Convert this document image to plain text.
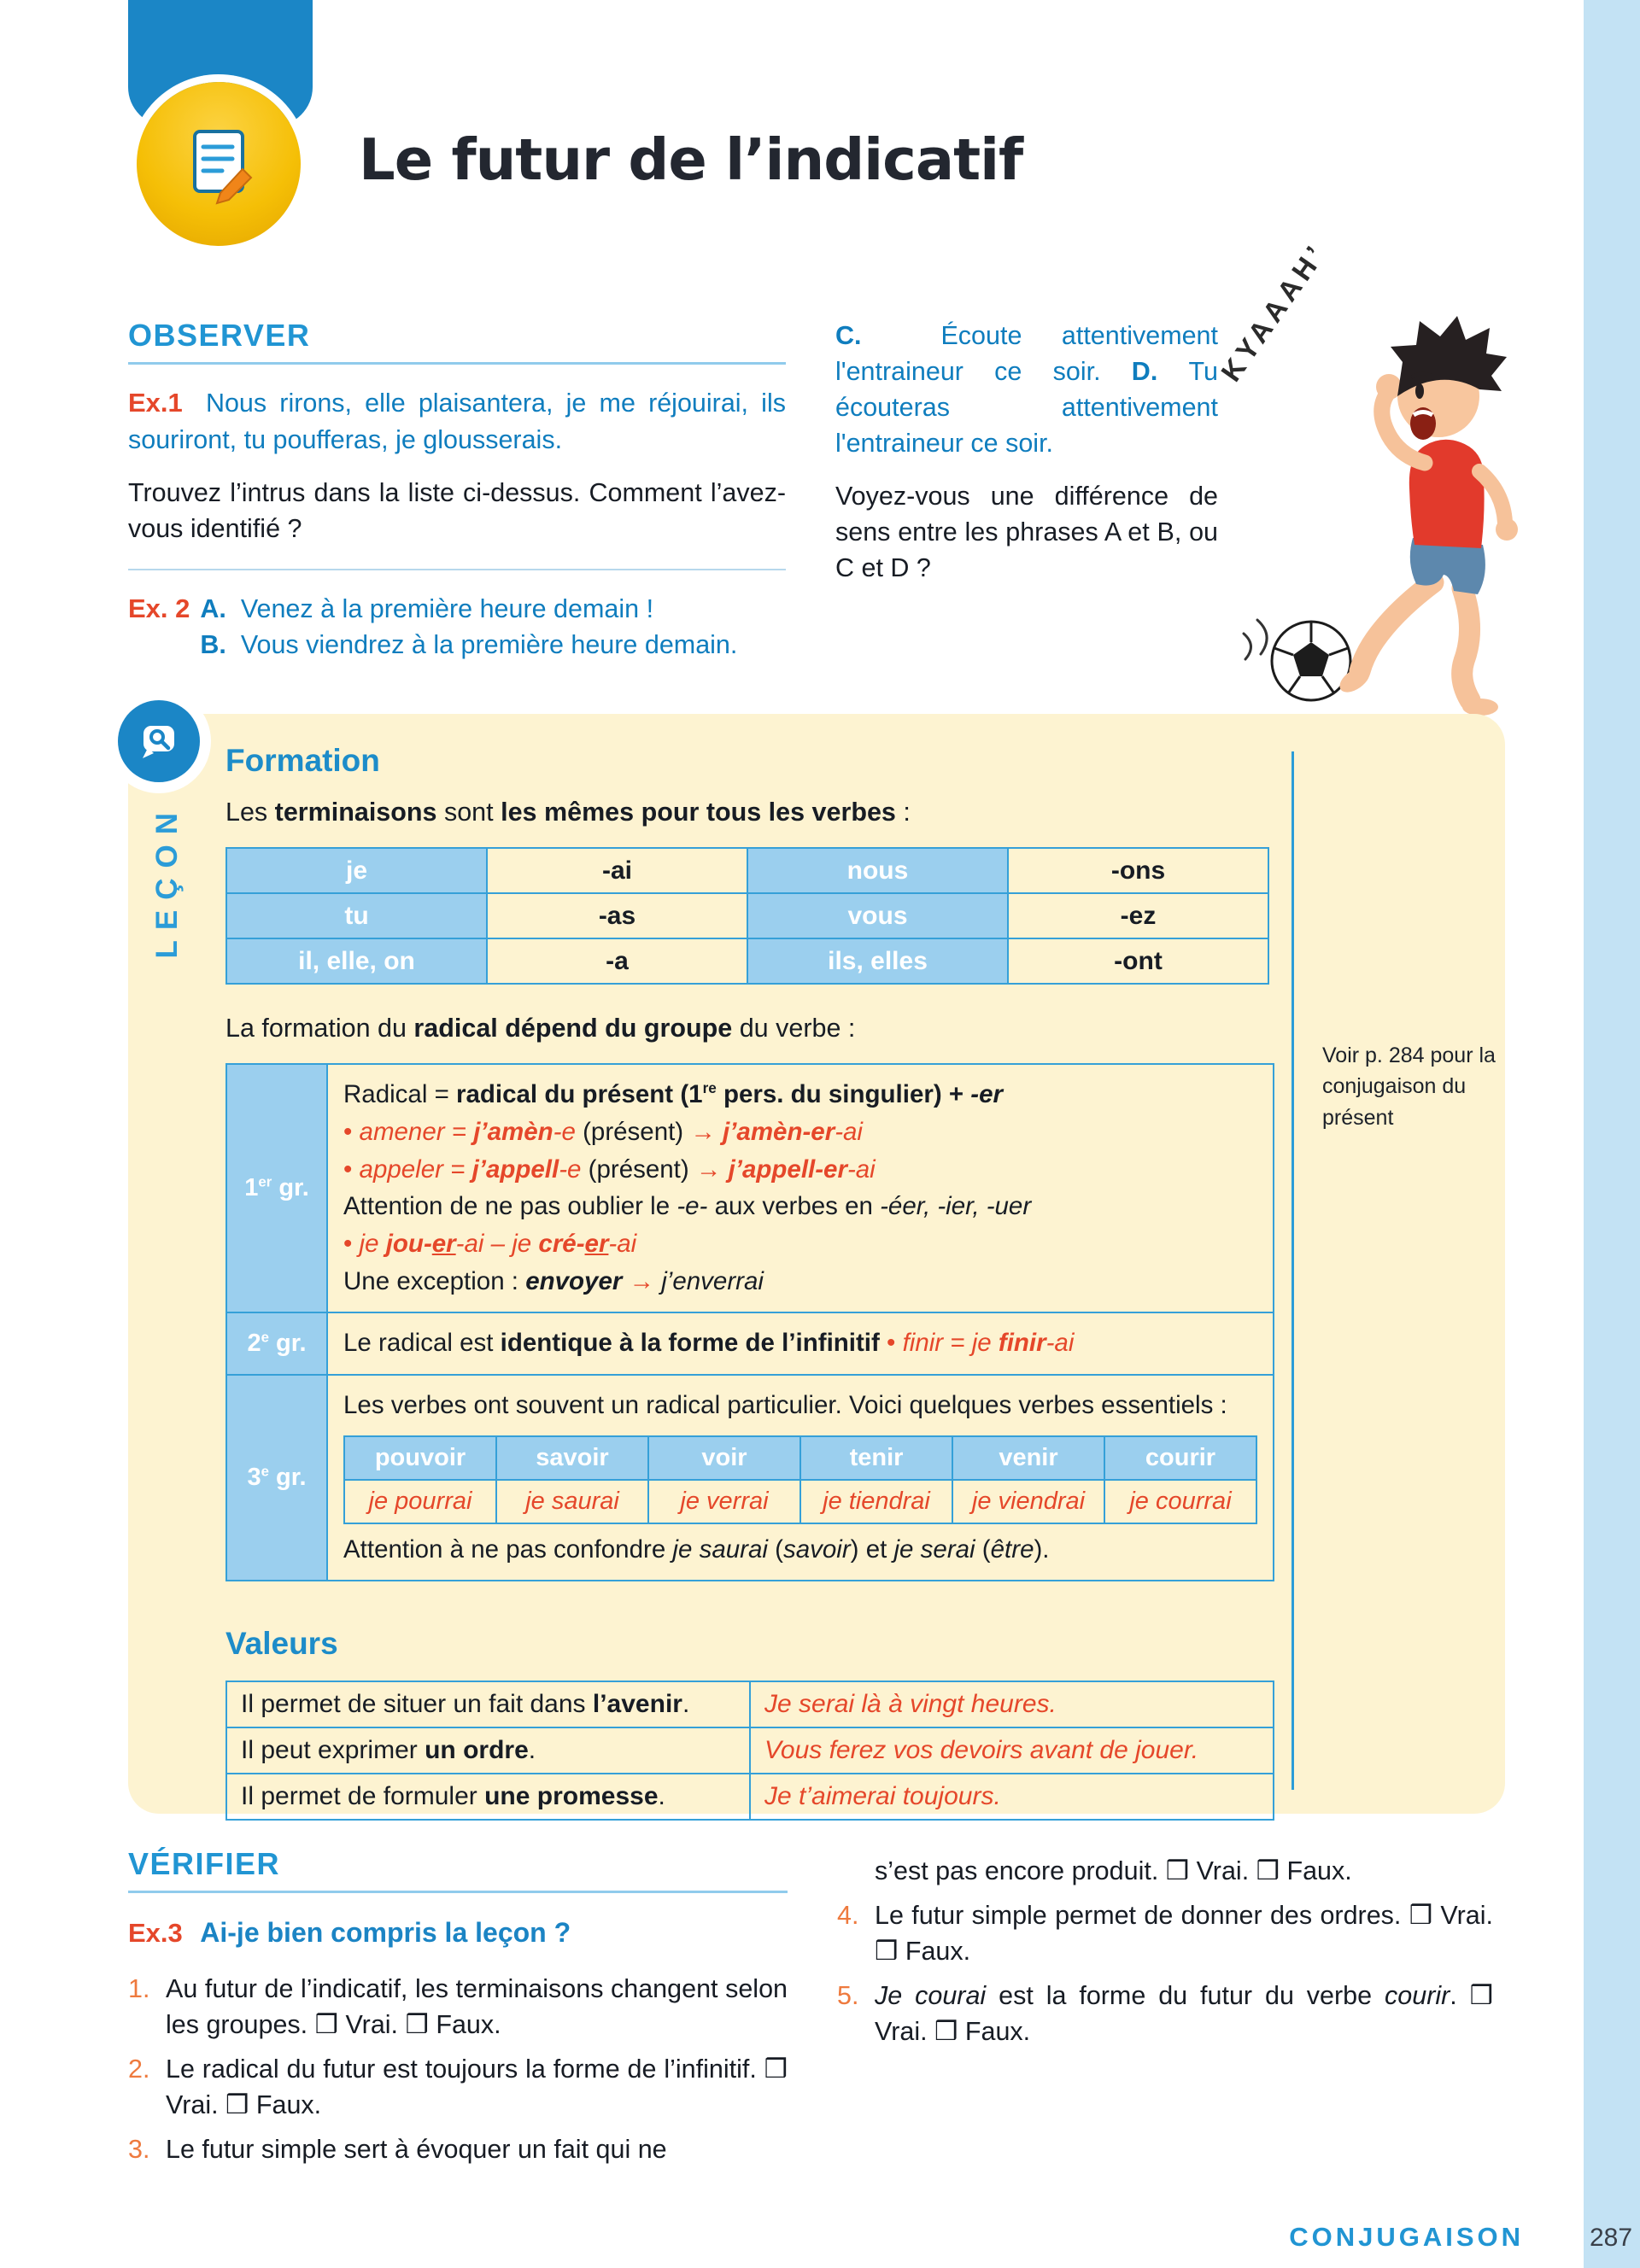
Le futur de l’indicatif
OBSERVER

Ex.1 Nous rirons, elle plaisantera, je me réjouirai, ils souriront, tu poufferas, je glousserais.

Trouvez l’intrus dans la liste ci-dessus. Comment l’avez-vous identifié ?

Ex. 2 A.  Venez à la première heure demain !
B.  Vous viendrez à la première heure demain.

C.  Écoute attentivement l'entraineur ce soir. D. Tu écouteras attentivement l'entraineur ce soir.

Voyez-vous une différence de sens entre les phrases A et B, ou C et D ?

KYAAAH’
LEÇON
Formation

Les terminaisons sont les mêmes pour tous les verbes :

je	-ai	nous	-ons
tu	-as	vous	-ez
il, elle, on	-a	ils, elles	-ont

La formation du radical dépend du groupe du verbe :

1er gr.	
Radical = radical du présent (1re pers. du singulier) + -er
• amener = j’amèn-e (présent) → j’amèn-er-ai
• appeler = j’appell-e (présent) → j’appell-er-ai
Attention de ne pas oublier le -e- aux verbes en -éer, -ier, -uer
• je jou-er-ai – je cré-er-ai
Une exception : envoyer → j’enverrai

2e gr.	Le radical est identique à la forme de l’infinitif • finir = je finir-ai

3e gr.	
Les verbes ont souvent un radical particulier. Voici quelques verbes essentiels :
pouvoir	savoir	voir	tenir	venir	courir
je pourrai	je saurai	je verrai	je tiendrai	je viendrai	je courrai
Attention à ne pas confondre je saurai (savoir) et je serai (être).
Valeurs
Il permet de situer un fait dans l’avenir.	Je serai là à vingt heures.
Il peut exprimer un ordre.	Vous ferez vos devoirs avant de jouer.
Il permet de formuler une promesse.	Je t’aimerai toujours.
Voir p. 284 pour la conjugaison du présent
VÉRIFIER

Ex.3 Ai-je bien compris la leçon ?

1. Au futur de l’indicatif, les terminaisons changent selon les groupes. ❒ Vrai. ❒ Faux.
2. Le radical du futur est toujours la forme de l’infinitif. ❒ Vrai. ❒ Faux.
3. Le futur simple sert à évoquer un fait qui ne
s’est pas encore produit. ❒ Vrai. ❒ Faux.
4. Le futur simple permet de donner des ordres. ❒ Vrai. ❒ Faux.
5. Je courai est la forme du futur du verbe courir. ❒ Vrai. ❒ Faux.
CONJUGAISON	287
